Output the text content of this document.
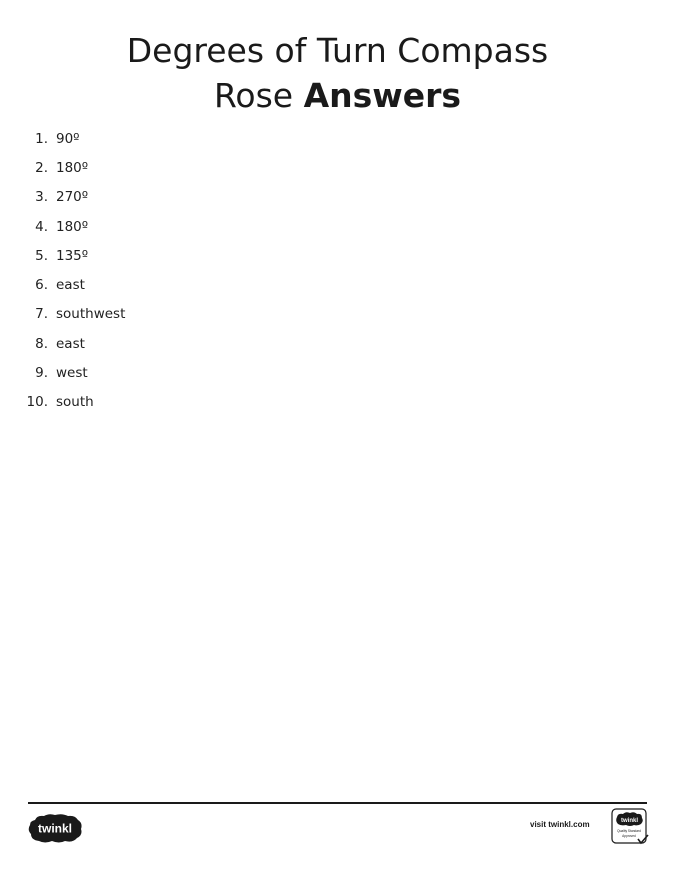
Degrees of Turn Compass
Rose Answers
1. 90º
2. 180º
3. 270º
4. 180º
5. 135º
6. east
7. southwest
8. east
9. west
10. south
twinkl	visit twinkl.com	twinkl
Quality Standard
Approved
